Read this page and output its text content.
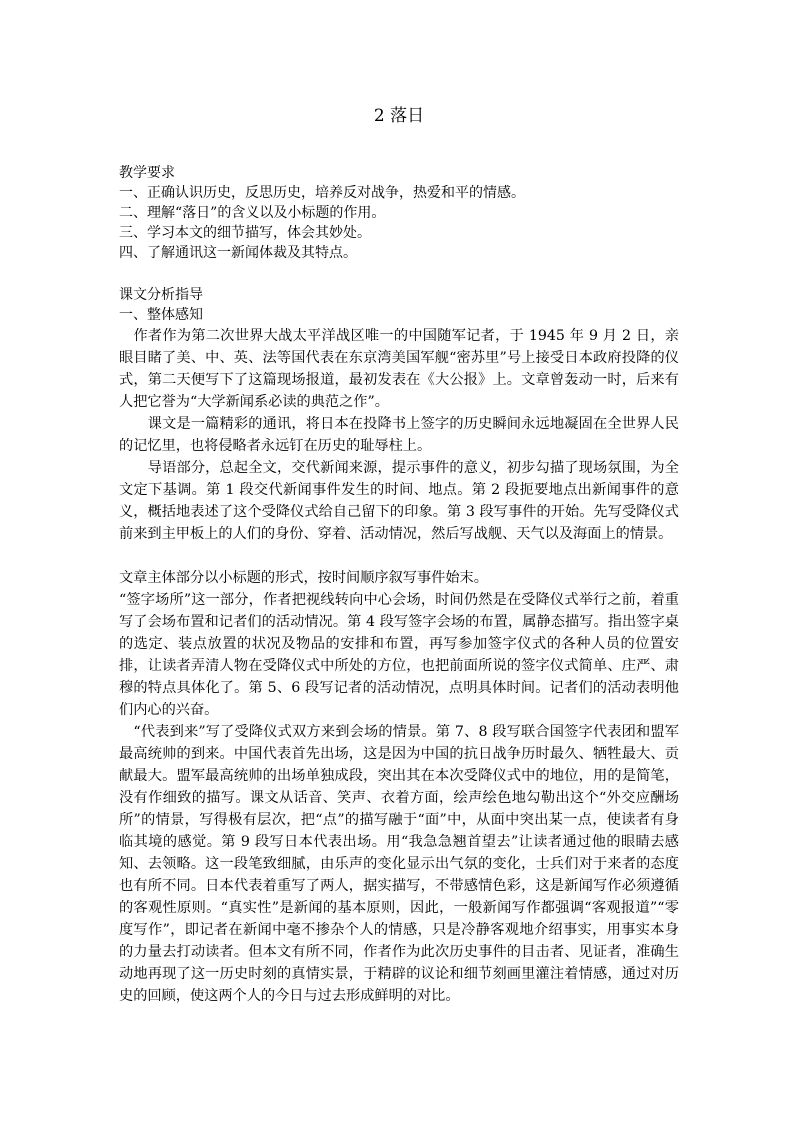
2 落日
教学要求
一、正确认识历史，反思历史，培养反对战争，热爱和平的情感。
二、理解“落日”的含义以及小标题的作用。
三、学习本文的细节描写，体会其妙处。
四、了解通讯这一新闻体裁及其特点。
课文分析指导
一、整体感知
　作者作为第二次世界大战太平洋战区唯一的中国随军记者，于 1945 年 9 月 2 日，亲眼目睹了美、中、英、法等国代表在东京湾美国军舰“密苏里”号上接受日本政府投降的仪式，第二天便写下了这篇现场报道，最初发表在《大公报》上。文章曾轰动一时，后来有人把它誉为“大学新闻系必读的典范之作”。
　　课文是一篇精彩的通讯，将日本在投降书上签字的历史瞬间永远地凝固在全世界人民的记忆里，也将侵略者永远钉在历史的耻辱柱上。
　　导语部分，总起全文，交代新闻来源，提示事件的意义，初步勾描了现场氛围，为全文定下基调。第 1 段交代新闻事件发生的时间、地点。第 2 段扼要地点出新闻事件的意义，概括地表述了这个受降仪式给自己留下的印象。第 3 段写事件的开始。先写受降仪式前来到主甲板上的人们的身份、穿着、活动情况，然后写战舰、天气以及海面上的情景。
文章主体部分以小标题的形式，按时间顺序叙写事件始末。
“签字场所”这一部分，作者把视线转向中心会场，时间仍然是在受降仪式举行之前，着重写了会场布置和记者们的活动情况。第 4 段写签字会场的布置，属静态描写。指出签字桌的选定、装点放置的状况及物品的安排和布置，再写参加签字仪式的各种人员的位置安排，让读者弄清人物在受降仪式中所处的方位，也把前面所说的签字仪式简单、庄严、肃穆的特点具体化了。第 5、6 段写记者的活动情况，点明具体时间。记者们的活动表明他们内心的兴奋。
　“代表到来”写了受降仪式双方来到会场的情景。第 7、8 段写联合国签字代表团和盟军最高统帅的到来。中国代表首先出场，这是因为中国的抗日战争历时最久、牺牲最大、贡献最大。盟军最高统帅的出场单独成段，突出其在本次受降仪式中的地位，用的是简笔，没有作细致的描写。课文从话音、笑声、衣着方面，绘声绘色地勾勒出这个“外交应酬场所”的情景，写得极有层次，把“点”的描写融于“面”中，从面中突出某一点，使读者有身临其境的感觉。第 9 段写日本代表出场。用“我急急翘首望去”让读者通过他的眼睛去感知、去领略。这一段笔致细腻，由乐声的变化显示出气氛的变化，士兵们对于来者的态度也有所不同。日本代表着重写了两人，据实描写，不带感情色彩，这是新闻写作必须遵循的客观性原则。“真实性”是新闻的基本原则，因此，一般新闻写作都强调“客观报道”“零度写作”，即记者在新闻中毫不掺杂个人的情感，只是冷静客观地介绍事实，用事实本身的力量去打动读者。但本文有所不同，作者作为此次历史事件的目击者、见证者，准确生动地再现了这一历史时刻的真情实景，于精辟的议论和细节刻画里灌注着情感，通过对历史的回顾，使这两个人的今日与过去形成鲜明的对比。
